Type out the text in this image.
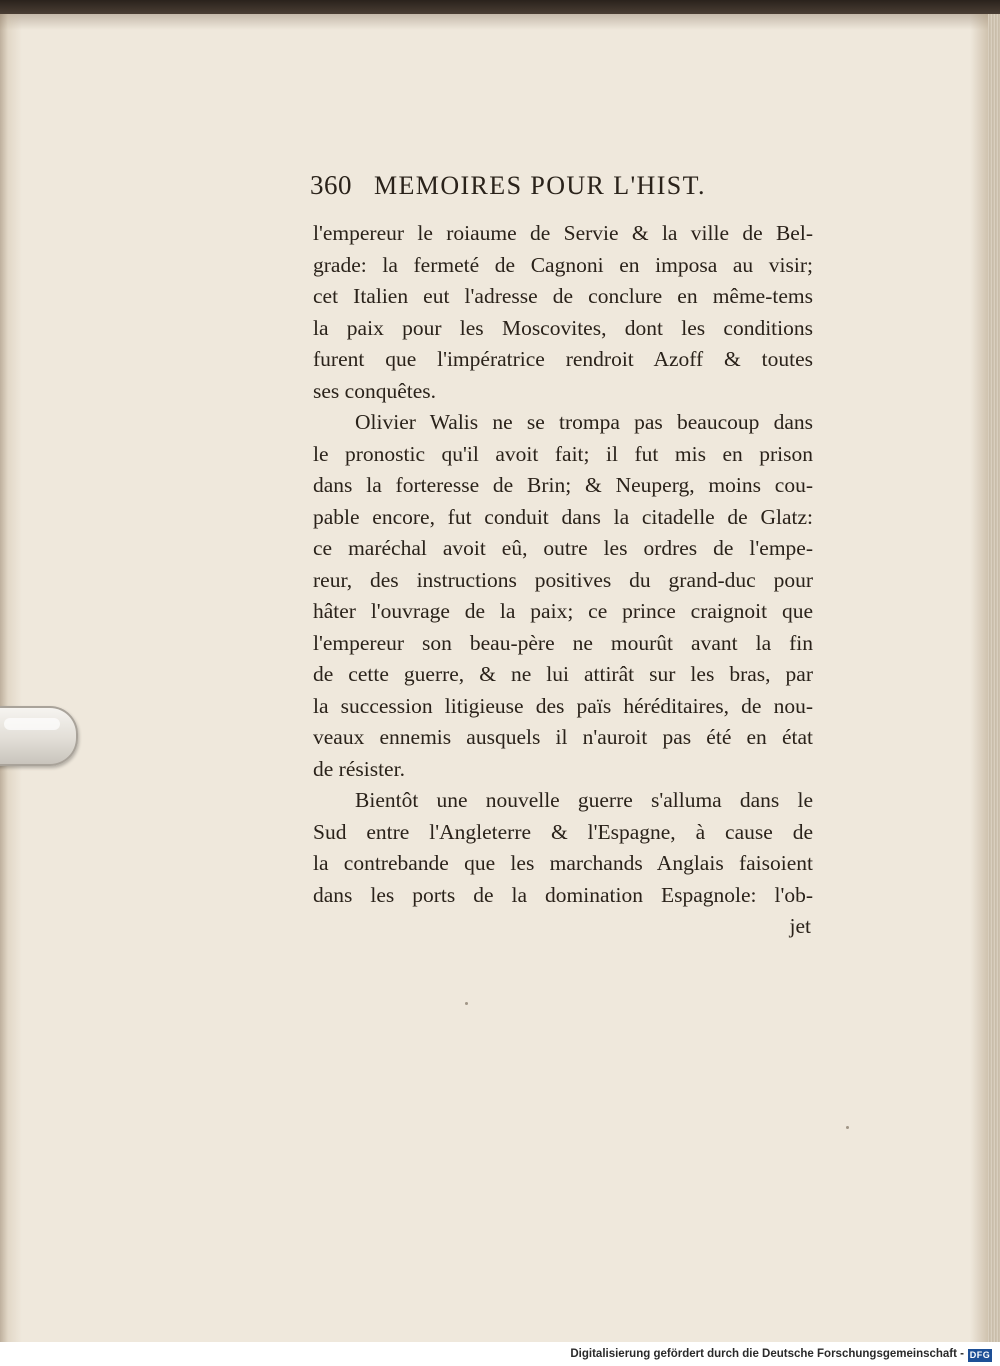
360 MEMOIRES POUR L'HIST.
l'empereur le roiaume de Servie & la ville de Bel-
grade: la fermeté de Cagnoni en imposa au visir;
cet Italien eut l'adresse de conclure en même-tems
la paix pour les Moscovites, dont les conditions
furent que l'impératrice rendroit Azoff & toutes
ses conquêtes.
Olivier Walis ne se trompa pas beaucoup dans
le pronostic qu'il avoit fait; il fut mis en prison
dans la forteresse de Brin; & Neuperg, moins cou-
pable encore, fut conduit dans la citadelle de Glatz:
ce maréchal avoit eû, outre les ordres de l'empe-
reur, des instructions positives du grand-duc pour
hâter l'ouvrage de la paix; ce prince craignoit que
l'empereur son beau-père ne mourût avant la fin
de cette guerre, & ne lui attirât sur les bras, par
la succession litigieuse des païs héréditaires, de nou-
veaux ennemis ausquels il n'auroit pas été en état
de résister.
Bientôt une nouvelle guerre s'alluma dans le
Sud entre l'Angleterre & l'Espagne, à cause de
la contrebande que les marchands Anglais faisoient
dans les ports de la domination Espagnole: l'ob-
jet
Digitalisierung gefördert durch die Deutsche Forschungsgemeinschaft - DFG
